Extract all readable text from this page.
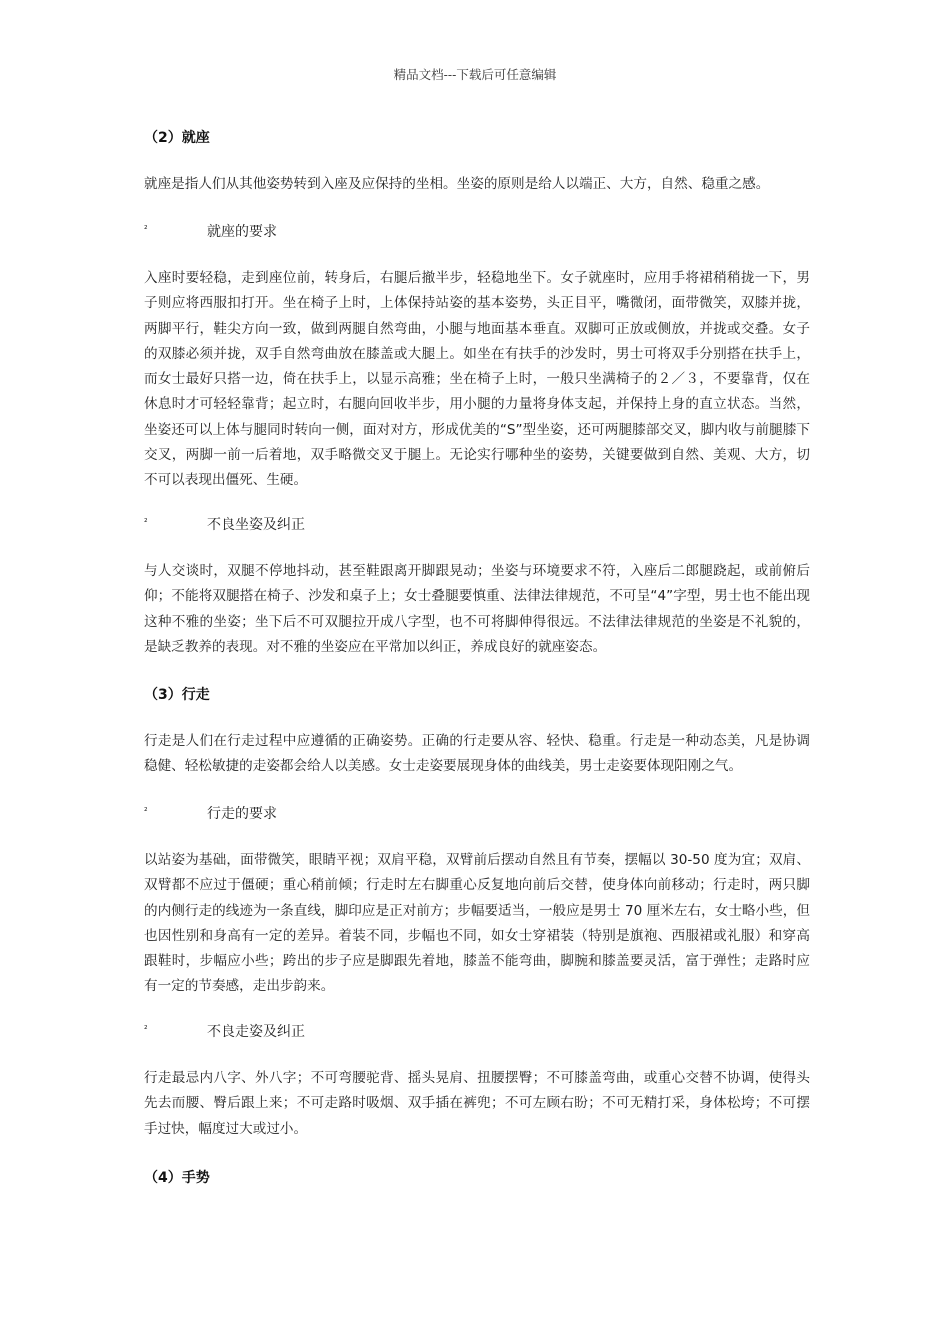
精品文档---下载后可任意编辑
（2）就座
就座是指人们从其他姿势转到入座及应保持的坐相。坐姿的原则是给人以端正、大方，自然、稳重之感。
²	就座的要求
入座时要轻稳，走到座位前，转身后，右腿后撤半步，轻稳地坐下。女子就座时，应用手将裙稍稍拢一下，男子则应将西服扣打开。坐在椅子上时，上体保持站姿的基本姿势，头正目平，嘴微闭，面带微笑，双膝并拢，两脚平行，鞋尖方向一致，做到两腿自然弯曲，小腿与地面基本垂直。双脚可正放或侧放，并拢或交叠。女子的双膝必须并拢，双手自然弯曲放在膝盖或大腿上。如坐在有扶手的沙发时，男士可将双手分别搭在扶手上，而女士最好只搭一边，倚在扶手上，以显示高雅；坐在椅子上时，一般只坐满椅子的２／３，不要靠背，仅在休息时才可轻轻靠背；起立时，右腿向回收半步，用小腿的力量将身体支起，并保持上身的直立状态。当然，坐姿还可以上体与腿同时转向一侧，面对对方，形成优美的“S”型坐姿，还可两腿膝部交叉，脚内收与前腿膝下交叉，两脚一前一后着地，双手略微交叉于腿上。无论实行哪种坐的姿势，关键要做到自然、美观、大方，切不可以表现出僵死、生硬。
²	不良坐姿及纠正
与人交谈时，双腿不停地抖动，甚至鞋跟离开脚跟晃动；坐姿与环境要求不符，入座后二郎腿跷起，或前俯后仰；不能将双腿搭在椅子、沙发和桌子上；女士叠腿要慎重、法律法律规范，不可呈“4”字型，男士也不能出现这种不雅的坐姿；坐下后不可双腿拉开成八字型，也不可将脚伸得很远。不法律法律规范的坐姿是不礼貌的，是缺乏教养的表现。对不雅的坐姿应在平常加以纠正，养成良好的就座姿态。
（3）行走
行走是人们在行走过程中应遵循的正确姿势。正确的行走要从容、轻快、稳重。行走是一种动态美，凡是协调稳健、轻松敏捷的走姿都会给人以美感。女士走姿要展现身体的曲线美，男士走姿要体现阳刚之气。
²	行走的要求
以站姿为基础，面带微笑，眼睛平视；双肩平稳，双臂前后摆动自然且有节奏，摆幅以 30-50 度为宜；双肩、双臂都不应过于僵硬；重心稍前倾；行走时左右脚重心反复地向前后交替，使身体向前移动；行走时，两只脚的内侧行走的线迹为一条直线，脚印应是正对前方；步幅要适当，一般应是男士 70 厘米左右，女士略小些，但也因性别和身高有一定的差异。着装不同，步幅也不同，如女士穿裙装（特别是旗袍、西服裙或礼服）和穿高跟鞋时，步幅应小些；跨出的步子应是脚跟先着地，膝盖不能弯曲，脚腕和膝盖要灵活，富于弹性；走路时应有一定的节奏感，走出步韵来。
²	不良走姿及纠正
行走最忌内八字、外八字；不可弯腰驼背、摇头晃肩、扭腰摆臀；不可膝盖弯曲，或重心交替不协调，使得头先去而腰、臀后跟上来；不可走路时吸烟、双手插在裤兜；不可左顾右盼；不可无精打采，身体松垮；不可摆手过快，幅度过大或过小。
（4）手势
